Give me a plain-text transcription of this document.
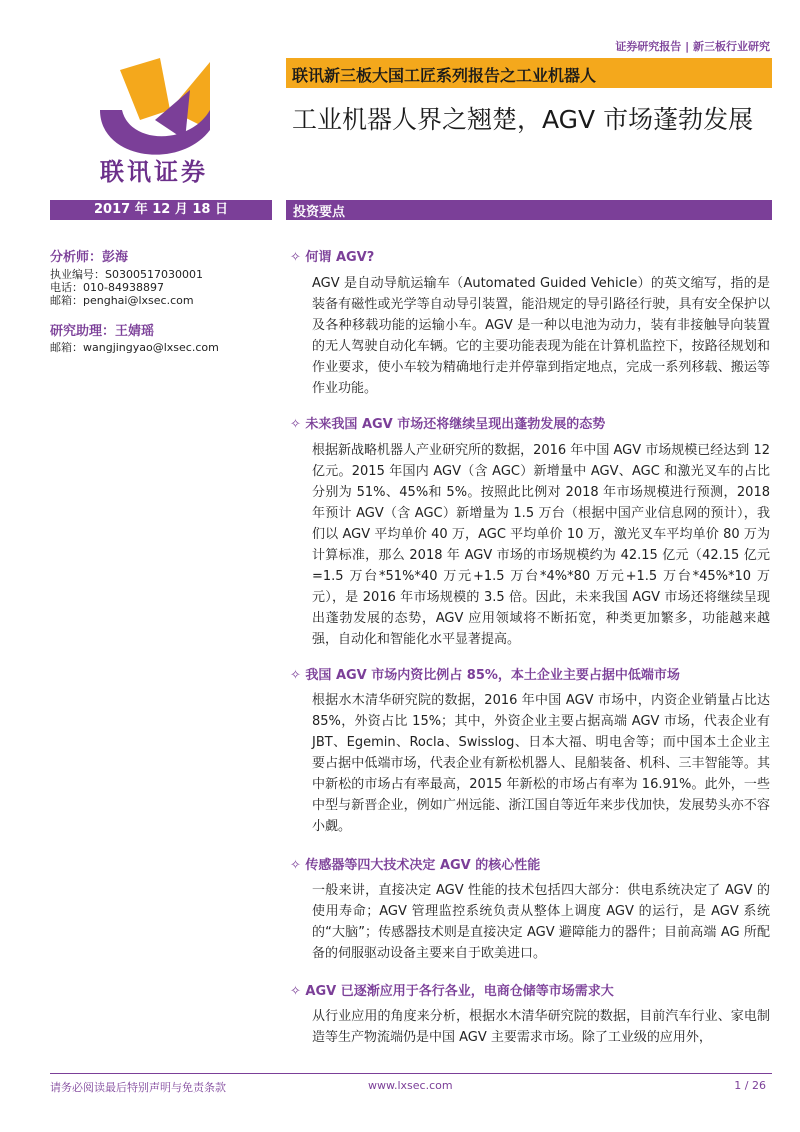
证券研究报告 | 新三板行业研究
联讯证券
联讯新三板大国工匠系列报告之工业机器人
工业机器人界之翘楚，AGV 市场蓬勃发展
2017 年 12 月 18 日	投资要点
分析师：彭海
执业编号：S0300517030001
电话：010-84938897
邮箱：penghai@lxsec.com
研究助理：王婧瑶
邮箱：wangjingyao@lxsec.com
✧ 何谓 AGV?
AGV 是自动导航运输车（Automated Guided Vehicle）的英文缩写，指的是装备有磁性或光学等自动导引装置，能沿规定的导引路径行驶，具有安全保护以及各种移载功能的运输小车。AGV 是一种以电池为动力，装有非接触导向装置的无人驾驶自动化车辆。它的主要功能表现为能在计算机监控下，按路径规划和作业要求，使小车较为精确地行走并停靠到指定地点，完成一系列移载、搬运等作业功能。
✧ 未来我国 AGV 市场还将继续呈现出蓬勃发展的态势
根据新战略机器人产业研究所的数据，2016 年中国 AGV 市场规模已经达到 12 亿元。2015 年国内 AGV（含 AGC）新增量中 AGV、AGC 和激光叉车的占比分别为 51%、45%和 5%。按照此比例对 2018 年市场规模进行预测，2018 年预计 AGV（含 AGC）新增量为 1.5 万台（根据中国产业信息网的预计），我们以 AGV 平均单价 40 万，AGC 平均单价 10 万，激光叉车平均单价 80 万为计算标准，那么 2018 年 AGV 市场的市场规模约为 42.15 亿元（42.15 亿元=1.5 万台*51%*40 万元+1.5 万台*4%*80 万元+1.5 万台*45%*10 万元），是 2016 年市场规模的 3.5 倍。因此，未来我国 AGV 市场还将继续呈现出蓬勃发展的态势，AGV 应用领域将不断拓宽，种类更加繁多，功能越来越强，自动化和智能化水平显著提高。
✧ 我国 AGV 市场内资比例占 85%，本土企业主要占据中低端市场
根据水木清华研究院的数据，2016 年中国 AGV 市场中，内资企业销量占比达 85%，外资占比 15%；其中，外资企业主要占据高端 AGV 市场，代表企业有 JBT、Egemin、Rocla、Swisslog、日本大福、明电舍等；而中国本土企业主要占据中低端市场，代表企业有新松机器人、昆船装备、机科、三丰智能等。其中新松的市场占有率最高，2015 年新松的市场占有率为 16.91%。此外，一些中型与新晋企业，例如广州远能、浙江国自等近年来步伐加快，发展势头亦不容小觑。
✧ 传感器等四大技术决定 AGV 的核心性能
一般来讲，直接决定 AGV 性能的技术包括四大部分：供电系统决定了 AGV 的使用寿命；AGV 管理监控系统负责从整体上调度 AGV 的运行，是 AGV 系统的“大脑”；传感器技术则是直接决定 AGV 避障能力的器件；目前高端 AG 所配备的伺服驱动设备主要来自于欧美进口。
✧ AGV 已逐渐应用于各行各业，电商仓储等市场需求大
从行业应用的角度来分析，根据水木清华研究院的数据，目前汽车行业、家电制造等生产物流端仍是中国 AGV 主要需求市场。除了工业级的应用外，
请务必阅读最后特别声明与免责条款	www.lxsec.com	1 / 26
